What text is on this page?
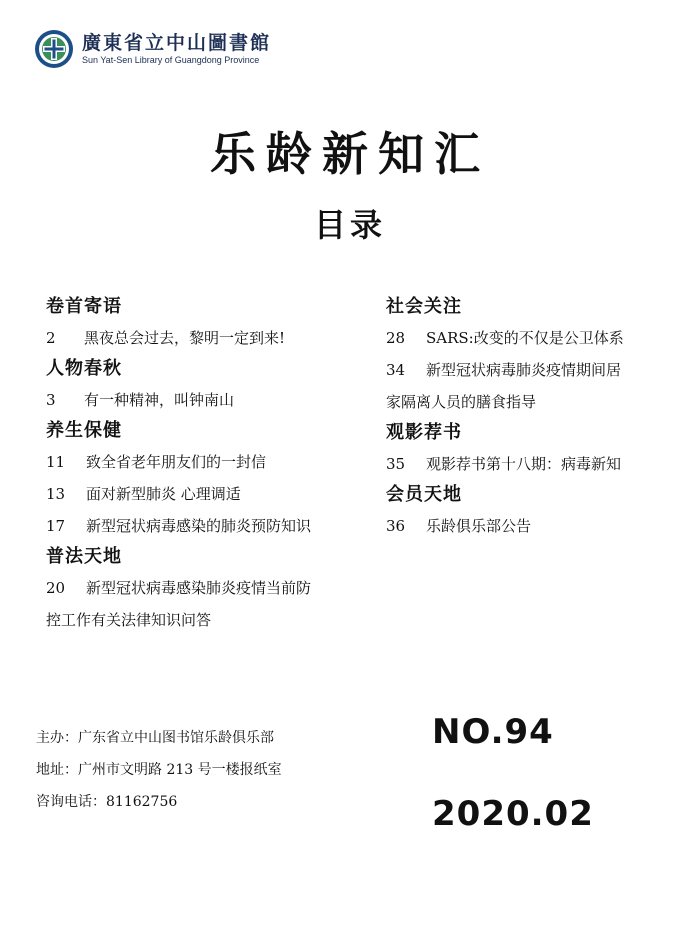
廣東省立中山圖書館
Sun Yat-Sen Library of Guangdong Province
乐龄新知汇
目录
卷首寄语
2 黑夜总会过去，黎明一定到来!
人物春秋
3 有一种精神，叫钟南山
养生保健
11 致全省老年朋友们的一封信
13 面对新型肺炎 心理调适
17 新型冠状病毒感染的肺炎预防知识
普法天地
20 新型冠状病毒感染肺炎疫情当前防
控工作有关法律知识问答
社会关注
28 SARS:改变的不仅是公卫体系
34 新型冠状病毒肺炎疫情期间居
家隔离人员的膳食指导
观影荐书
35 观影荐书第十八期：病毒新知
会员天地
36 乐龄俱乐部公告
主办：广东省立中山图书馆乐龄俱乐部
地址：广州市文明路 213 号一楼报纸室
咨询电话：81162756
NO.94
2020.02
